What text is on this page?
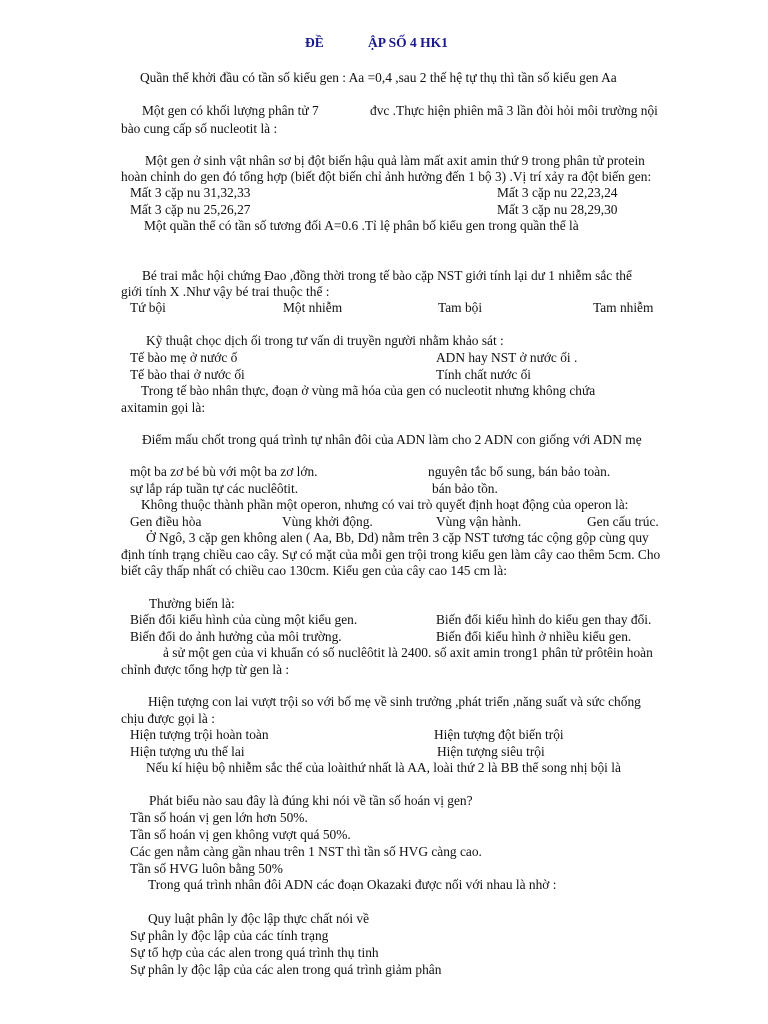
ĐỀ	ẬP SỐ 4 HK1
Quần thể khởi đầu có tần số kiểu gen : Aa =0,4 ,sau 2 thế hệ tự thụ thì tần số kiểu gen Aa
Một gen có khối lượng phân tử 7	đvc .Thực hiện phiên mã 3 lần đòi hỏi môi trường nội
bào cung cấp số nucleotit là :
Một gen ở sinh vật nhân sơ bị đột biến hậu quả làm mất axit amin thứ 9 trong phân tử protein
hoàn chỉnh do gen đó tổng hợp (biết đột biến chỉ ảnh hưởng đến 1 bộ 3) .Vị trí xảy ra đột biến gen:
Mất 3 cặp nu 31,32,33	Mất 3 cặp nu 22,23,24
Mất 3 cặp nu 25,26,27	Mất 3 cặp nu 28,29,30
Một quần thể có tần số tương đối A=0.6 .Tỉ lệ phân bố kiểu gen trong quần thể là
Bé trai mắc hội chứng Đao ,đồng thời trong tế bào cặp NST giới tính lại dư 1 nhiễm sắc thể
giới tính X .Như vậy bé trai thuộc thể :
Tứ bội	Một nhiễm	Tam bội	Tam nhiễm
Kỹ thuật chọc dịch ối trong tư vấn di truyền người nhằm khảo sát :
Tế bào mẹ ở nước ố	ADN hay NST ở nước ối .
Tế bào thai ở nước ối	Tính chất nước ối
Trong tế bào nhân thực, đoạn ở vùng mã hóa của gen có nucleotit nhưng không chứa
axitamin gọi là:
Điểm mấu chốt trong quá trình tự nhân đôi của ADN làm cho 2 ADN con giống với ADN mẹ
một ba zơ bé bù với một ba zơ lớn.	nguyên tắc bổ sung, bán bảo toàn.
sự lắp ráp tuần tự các nuclêôtit.	bán bảo tồn.
Không thuộc thành phần một operon, nhưng có vai trò quyết định hoạt động của operon là:
Gen điều hòa	Vùng khởi động.	Vùng vận hành.	Gen cấu trúc.
Ở Ngô, 3 cặp gen không alen ( Aa, Bb, Dd) nằm trên 3 cặp NST tương tác cộng gộp cùng quy
định tính trạng chiều cao cây. Sự có mặt của mỗi gen trội trong kiểu gen làm cây cao thêm 5cm. Cho
biết cây thấp nhất có chiều cao 130cm. Kiểu gen của cây cao 145 cm là:
Thường biến là:
Biến đổi kiểu hình của cùng một kiểu gen.	Biến đổi kiểu hình do kiểu gen thay đổi.
Biến đổi do ảnh hưởng của môi trường.	Biến đổi kiểu hình ở nhiều kiểu gen.
ả sử một gen của vi khuẩn có số nuclêôtit là 2400. số axit amin trong1 phân tử prôtêin hoàn
chỉnh được tổng hợp từ gen là :
Hiện tượng con lai vượt trội so với bố mẹ về sinh trưởng ,phát triển ,năng suất và sức chống
chịu được gọi là :
Hiện tượng trội hoàn toàn	Hiện tượng đột biến trội
Hiện tượng ưu thế lai	Hiện tượng siêu trội
Nếu kí hiệu bộ nhiễm sắc thể của loàithứ nhất là AA, loài thứ 2 là BB thể song nhị bội là
Phát biểu nào sau đây là đúng khi nói về tần số hoán vị gen?
Tần số hoán vị gen lớn hơn 50%.
Tần số hoán vị gen không vượt quá 50%.
Các gen nằm càng gần nhau trên 1 NST thì tần số HVG càng cao.
Tần số HVG luôn bằng 50%
Trong quá trình nhân đôi ADN các đoạn Okazaki được nối với nhau là nhờ :
Quy luật phân ly độc lập thực chất nói về
Sự phân ly độc lập của các tính trạng
Sự tổ hợp của các alen trong quá trình thụ tinh
Sự phân ly độc lập của các alen trong quá trình giảm phân
